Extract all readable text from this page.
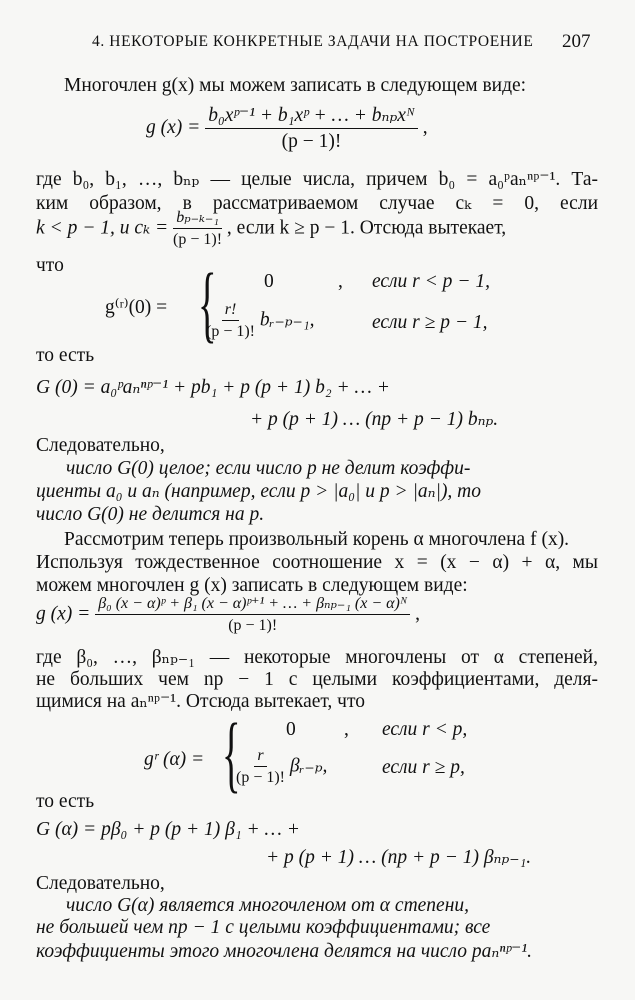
4. НЕКОТОРЫЕ КОНКРЕТНЫЕ ЗАДАЧИ НА ПОСТРОЕНИЕ 207
Многочлен g(x) мы можем записать в следующем виде:
g $(x) = \frac{\text{b₀xᵖ⁻¹ + b₁xᵖ + … + bₙₚxᴺ}}{(p - 1)!}$ ,
где b₀, b₁, …, bₙₚ — целые числа, причем b₀ = a₀ᵖaₙⁿᵖ⁻¹. Та-
ким образом, в рассматриваемом случае cₖ = 0, если
k < p − 1, и $c_k = \frac{\text{bₚ₋ₖ₋₁}}{(p - 1)!}$ , если k ≥ p − 1. Отсюда вытекает,
что
g⁽ʳ⁾(0) = { 0	, если r < p − 1,
$\frac{r!}{(p - 1)!}$ bᵣ₋ₚ₋₁,	если r ≥ p − 1,
то есть
G (0) = a₀ᵖaₙⁿᵖ⁻¹ + pb₁ + p (p + 1) b₂ + … +
+ p (p + 1) … (np + p − 1) bₙₚ.
Следовательно,
число G(0) целое; если число p не делит коэффи-
циенты a₀ и aₙ (например, если p > |a₀| и p > |aₙ|), то
число G(0) не делится на p.
Рассмотрим теперь произвольный корень α многочлена f (x).
Используя тождественное соотношение x = (x − α) + α, мы
можем многочлен g (x) записать в следующем виде:
g $(x) = \frac{\text{β₀ (x − α)ᵖ + β₁ (x − α)ᵖ⁺¹ + … + βₙₚ₋₁ (x − α)ᴺ}}{(p - 1)!}$ ,
где β₀, …, βₙₚ₋₁ — некоторые многочлены от α степеней,
не больших чем np − 1 с целыми коэффициентами, деля-
щимися на aₙⁿᵖ⁻¹. Отсюда вытекает, что
gʳ (α) = { 0 , если r < p,
$\frac{r}{(p - 1)!}$ βᵣ₋ₚ,	если r ≥ p,
то есть
G (α) = pβ₀ + p (p + 1) β₁ + … +
+ p (p + 1) … (np + p − 1) βₙₚ₋₁.
Следовательно,
число G(α) является многочленом от α степени,
не большей чем np − 1 с целыми коэффициентами; все
коэффициенты этого многочлена делятся на число paₙⁿᵖ⁻¹.
